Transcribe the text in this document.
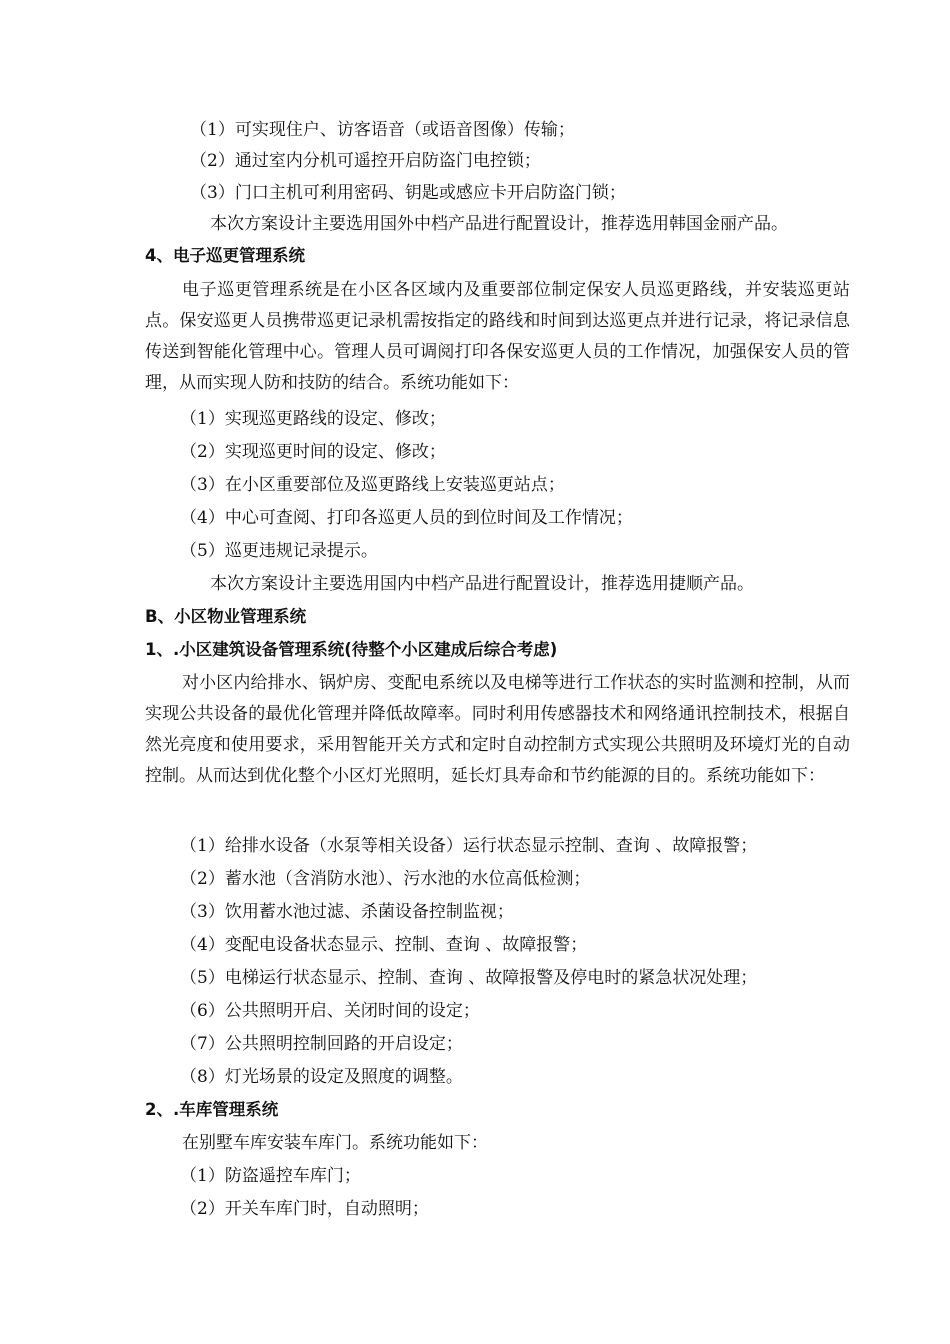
（1）可实现住户、访客语音（或语音图像）传输；
（2）通过室内分机可遥控开启防盗门电控锁；
（3）门口主机可利用密码、钥匙或感应卡开启防盗门锁；
本次方案设计主要选用国外中档产品进行配置设计，推荐选用韩国金丽产品。
4、电子巡更管理系统

电子巡更管理系统是在小区各区域内及重要部位制定保安人员巡更路线，并安装巡更站点。保安巡更人员携带巡更记录机需按指定的路线和时间到达巡更点并进行记录，将记录信息传送到智能化管理中心。管理人员可调阅打印各保安巡更人员的工作情况，加强保安人员的管理，从而实现人防和技防的结合。系统功能如下：

（1）实现巡更路线的设定、修改；
（2）实现巡更时间的设定、修改；
（3）在小区重要部位及巡更路线上安装巡更站点；
（4）中心可查阅、打印各巡更人员的到位时间及工作情况；
（5）巡更违规记录提示。
本次方案设计主要选用国内中档产品进行配置设计，推荐选用捷顺产品。
B、小区物业管理系统
1、.小区建筑设备管理系统(待整个小区建成后综合考虑)

对小区内给排水、锅炉房、变配电系统以及电梯等进行工作状态的实时监测和控制，从而实现公共设备的最优化管理并降低故障率。同时利用传感器技术和网络通讯控制技术，根据自然光亮度和使用要求，采用智能开关方式和定时自动控制方式实现公共照明及环境灯光的自动控制。从而达到优化整个小区灯光照明，延长灯具寿命和节约能源的目的。系统功能如下：

（1）给排水设备（水泵等相关设备）运行状态显示控制、查询 、故障报警；
（2）蓄水池（含消防水池）、污水池的水位高低检测；
（3）饮用蓄水池过滤、杀菌设备控制监视；
（4）变配电设备状态显示、控制、查询 、故障报警；
（5）电梯运行状态显示、控制、查询 、故障报警及停电时的紧急状况处理；
（6）公共照明开启、关闭时间的设定；
（7）公共照明控制回路的开启设定；
（8）灯光场景的设定及照度的调整。
2、.车库管理系统
在别墅车库安装车库门。系统功能如下：
（1）防盗遥控车库门；
（2）开关车库门时，自动照明；
